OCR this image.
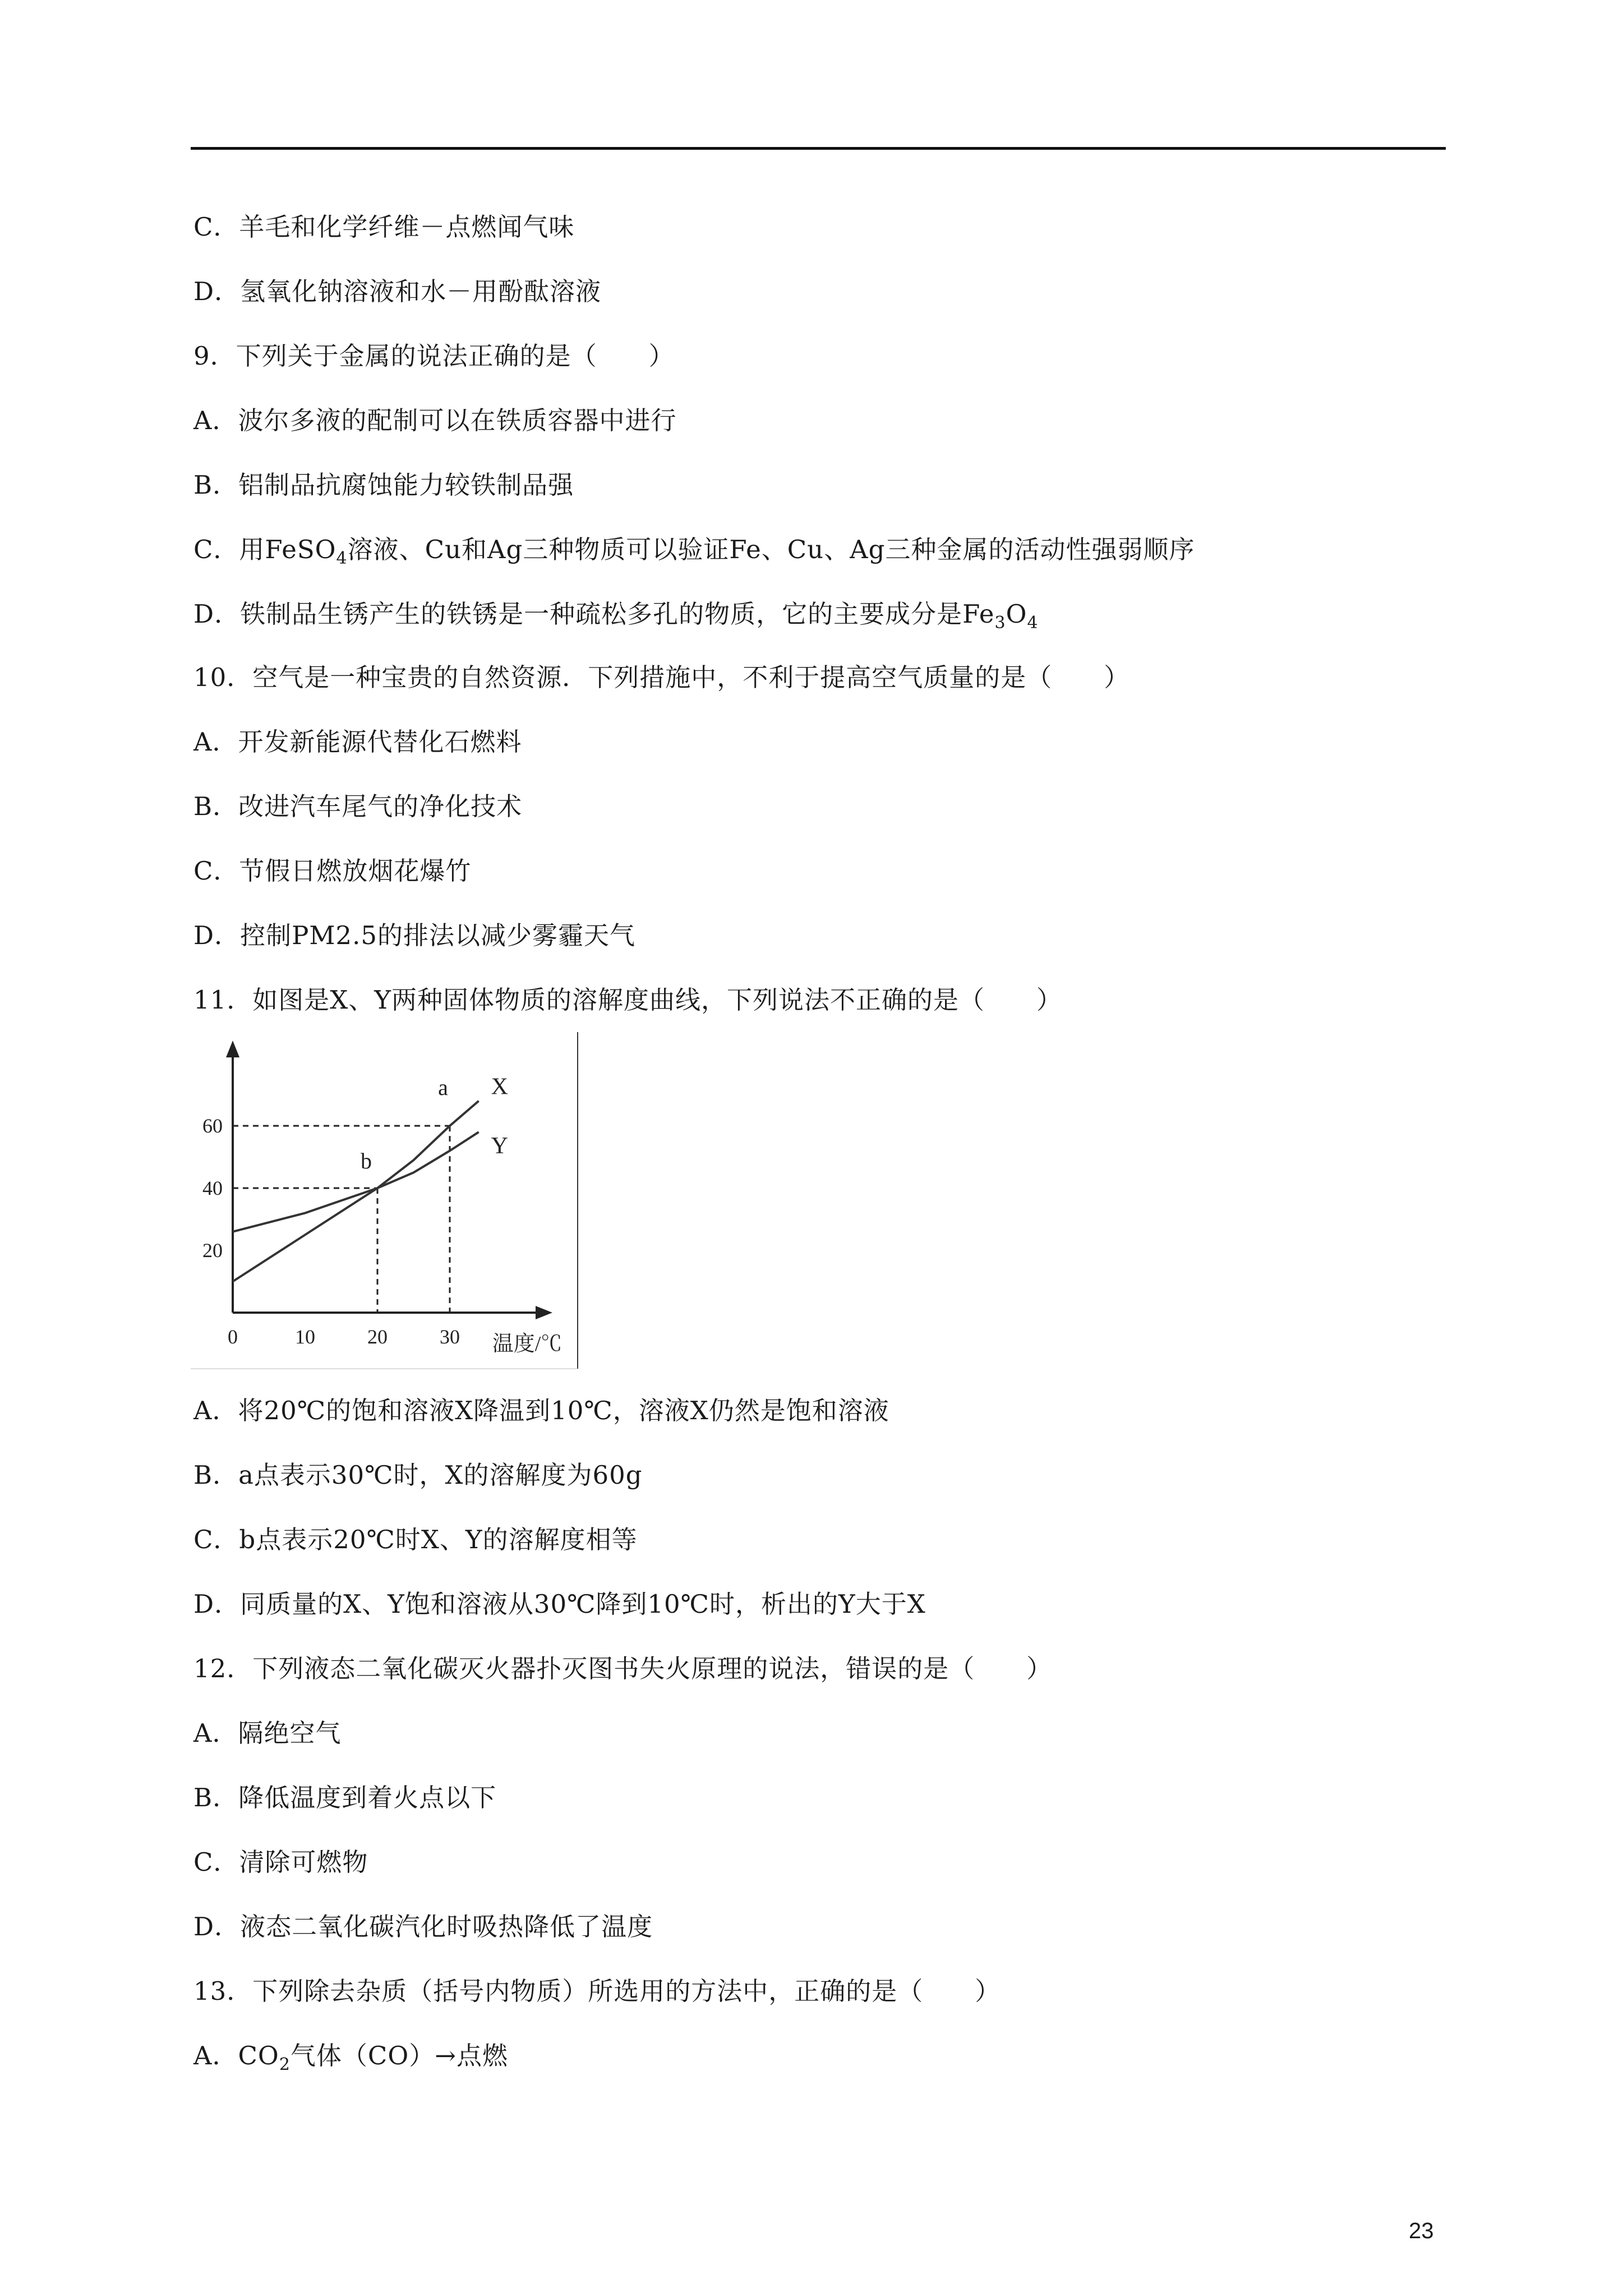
C．羊毛和化学纤维－点燃闻气味
D．氢氧化钠溶液和水－用酚酞溶液
9．下列关于金属的说法正确的是（　　）
A．波尔多液的配制可以在铁质容器中进行
B．铝制品抗腐蚀能力较铁制品强
10．空气是一种宝贵的自然资源．下列措施中，不利于提高空气质量的是（　　）
A．开发新能源代替化石燃料
B．改进汽车尾气的净化技术
C．节假日燃放烟花爆竹
D．控制PM2.5的排法以减少雾霾天气
11．如图是X、Y两种固体物质的溶解度曲线，下列说法不正确的是（　　）
A．将20℃的饱和溶液X降温到10℃，溶液X仍然是饱和溶液
B．a点表示30℃时，X的溶解度为60g
C．b点表示20℃时X、Y的溶解度相等
D．同质量的X、Y饱和溶液从30℃降到10℃时，析出的Y大于X
12．下列液态二氧化碳灭火器扑灭图书失火原理的说法，错误的是（　　）
A．隔绝空气
B．降低温度到着火点以下
C．清除可燃物
D．液态二氧化碳汽化时吸热降低了温度
13．下列除去杂质（括号内物质）所选用的方法中，正确的是（　　）
C．用FeSO$_4$溶液、Cu和Ag三种物质可以验证Fe、Cu、Ag三种金属的活动性强弱顺序
D．铁制品生锈产生的铁锈是一种疏松多孔的物质，它的主要成分是$Fe_3O_4$
A．$CO_2$气体（CO）→点燃
20
40
60
0	10	20	30 温度/℃
X
Y
a
b
23
